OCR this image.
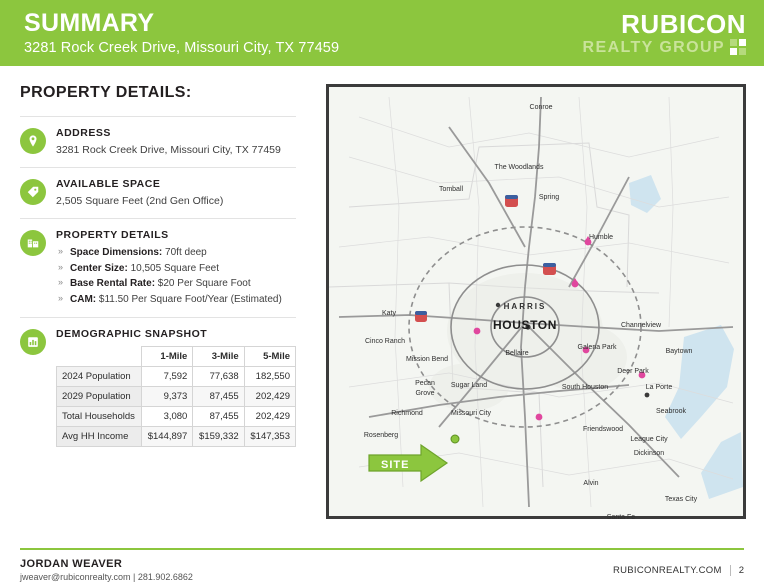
SUMMARY
3281 Rock Creek Drive, Missouri City, TX 77459
RUBICON
REALTY GROUP
PROPERTY DETAILS:
ADDRESS
3281 Rock Creek Drive, Missouri City, TX 77459
AVAILABLE SPACE
2,505 Square Feet (2nd Gen Office)
PROPERTY DETAILS
» Space Dimensions: 70ft deep
» Center Size: 10,505 Square Feet
» Base Rental Rate: $20 Per Square Foot
» CAM: $11.50 Per Square Foot/Year (Estimated)
DEMOGRAPHIC SNAPSHOT
	1-Mile	3-Mile	5-Mile
2024 Population	7,592	77,638	182,550
2029 Population	9,373	87,455	202,429
Total Households	3,080	87,455	202,429
Avg HH Income	$144,897	$159,332	$147,353
SITE
Conroe
The Woodlands
Tomball
Spring
Humble
Katy
Cinco Ranch
Mission Bend
Bellaire
Galena Park
Channelview
Baytown
Deer Park
South Houston	La Porte
Sugar Land
Pecan
Grove
Richmond	Missouri City
Rosenberg
Friendswood
Seabrook
League City
Dickinson
Alvin
Texas City
Santa Fe
HARRIS
HOUSTON
JORDAN WEAVER
jweaver@rubiconrealty.com | 281.902.6862
RUBICONREALTY.COM 2
